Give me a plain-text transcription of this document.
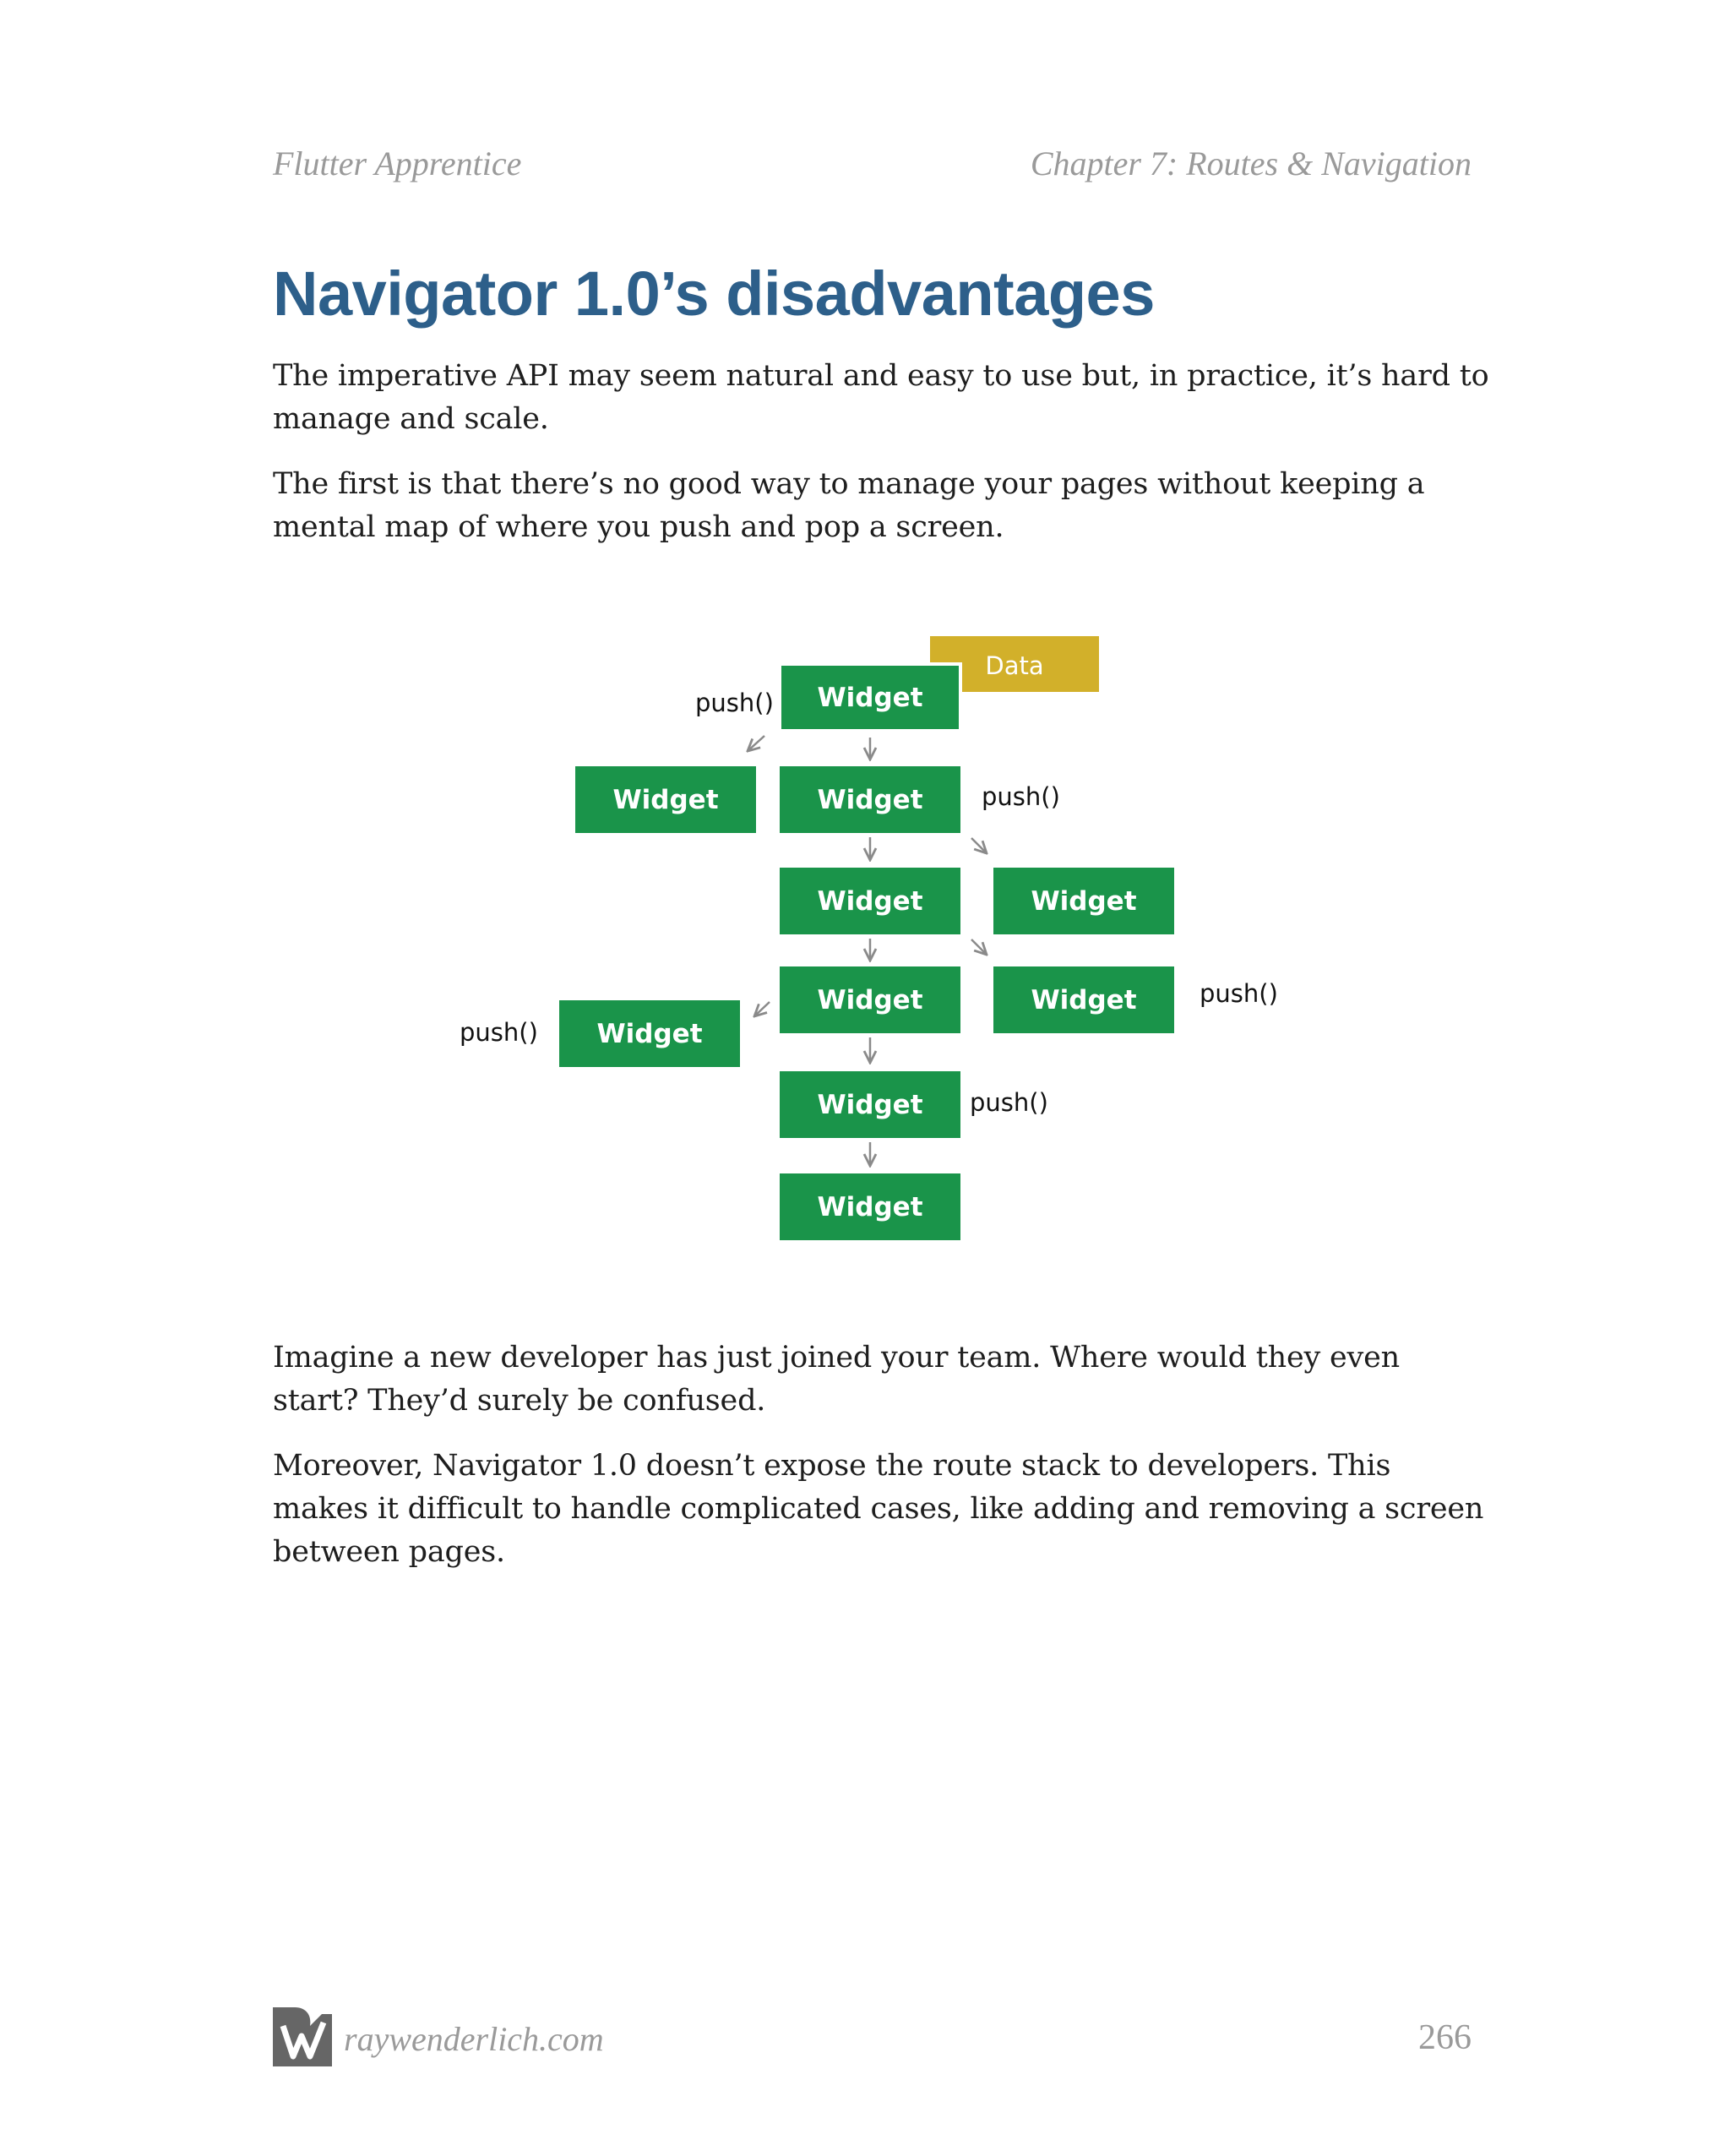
Flutter Apprentice	Chapter 7: Routes & Navigation
Navigator 1.0’s disadvantages

The imperative API may seem natural and easy to use but, in practice, it’s hard to manage and scale.

The first is that there’s no good way to manage your pages without keeping a mental map of where you push and pop a screen.

Data
Widget
Widget	Widget
Widget	Widget
Widget	Widget
Widget
Widget
Widget
push()
push()
push()
push()
push()

Imagine a new developer has just joined your team. Where would they even start? They’d surely be confused.

Moreover, Navigator 1.0 doesn’t expose the route stack to developers. This makes it difficult to handle complicated cases, like adding and removing a screen between pages.

raywenderlich.com	266
